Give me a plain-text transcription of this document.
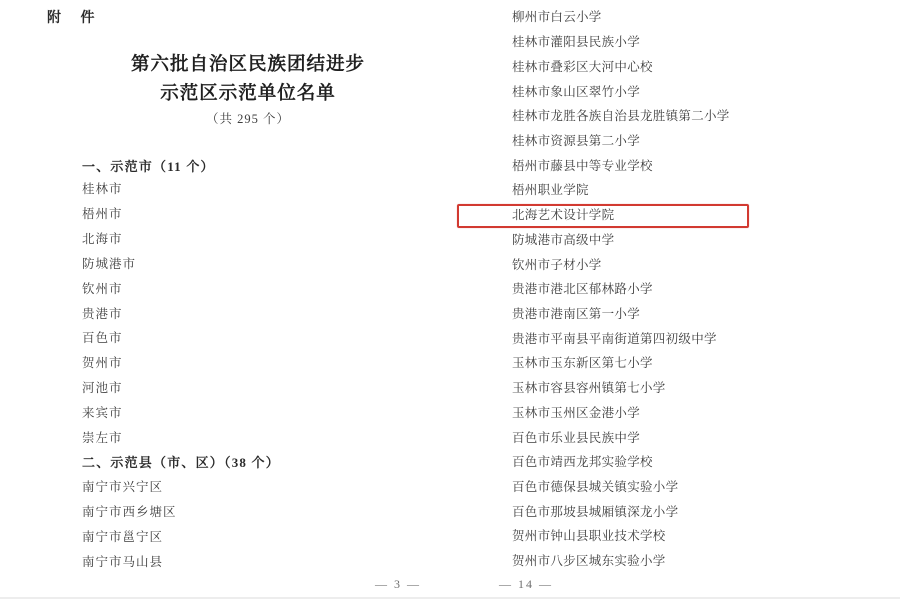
附 件
第六批自治区民族团结进步
示范区示范单位名单
（共 295 个）
一、示范市（11 个）
桂林市
梧州市
北海市
防城港市
钦州市
贵港市
百色市
贺州市
河池市
来宾市
崇左市
二、示范县（市、区）（38 个）
南宁市兴宁区
南宁市西乡塘区
南宁市邕宁区
南宁市马山县
— 3 —
柳州市白云小学
桂林市灌阳县民族小学
桂林市叠彩区大河中心校
桂林市象山区翠竹小学
桂林市龙胜各族自治县龙胜镇第二小学
桂林市资源县第二小学
梧州市藤县中等专业学校
梧州职业学院
北海艺术设计学院
防城港市高级中学
钦州市子材小学
贵港市港北区郁林路小学
贵港市港南区第一小学
贵港市平南县平南街道第四初级中学
玉林市玉东新区第七小学
玉林市容县容州镇第七小学
玉林市玉州区金港小学
百色市乐业县民族中学
百色市靖西龙邦实验学校
百色市德保县城关镇实验小学
百色市那坡县城厢镇深龙小学
贺州市钟山县职业技术学校
贺州市八步区城东实验小学
— 14 —
